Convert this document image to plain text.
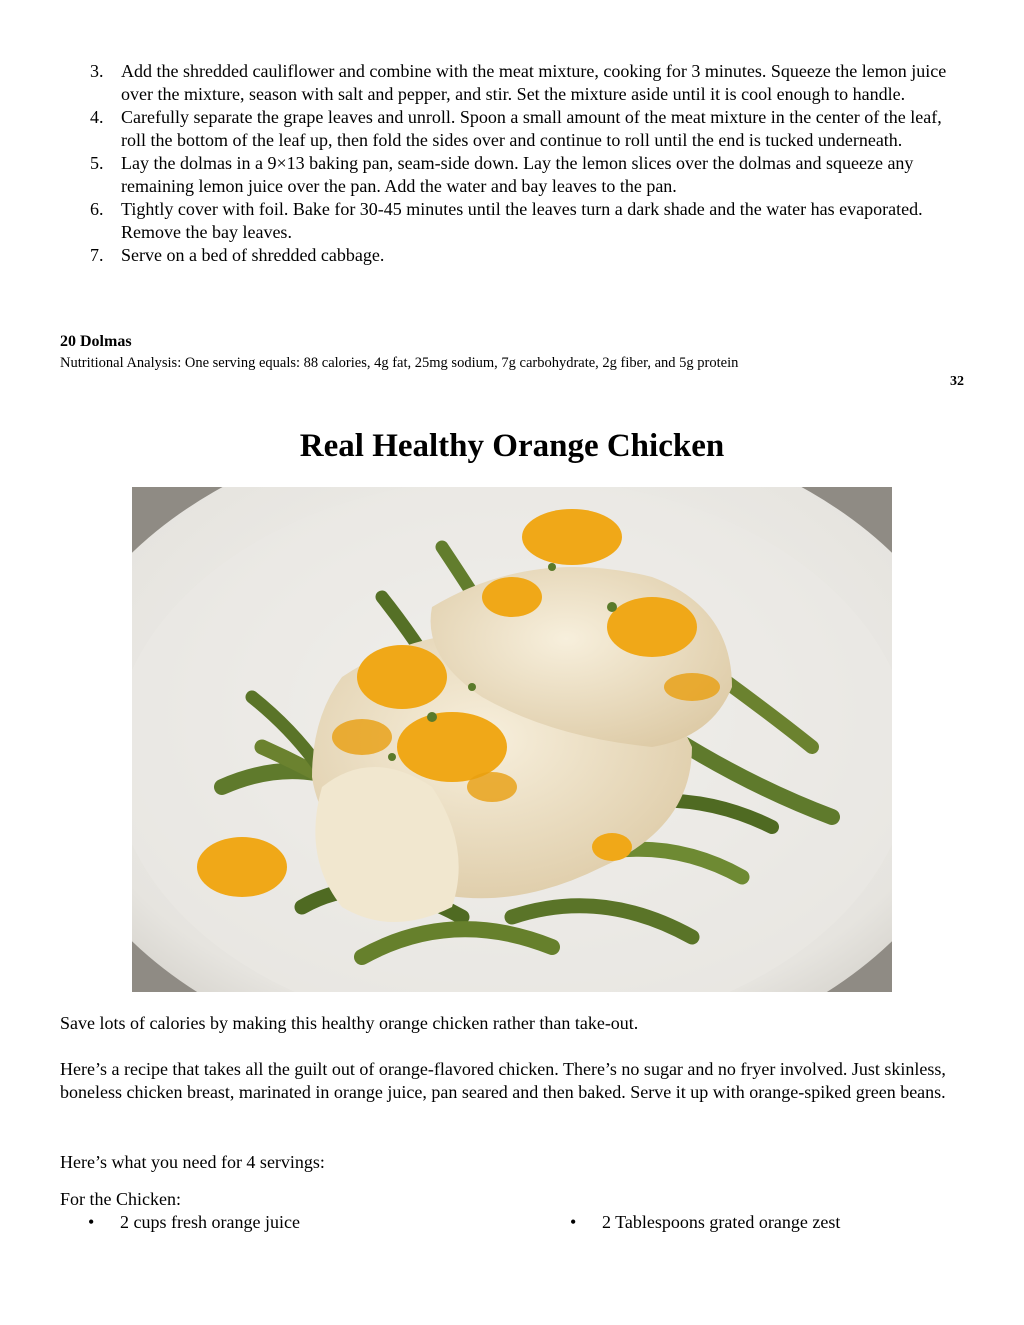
3. Add the shredded cauliflower and combine with the meat mixture, cooking for 3 minutes. Squeeze the lemon juice over the mixture, season with salt and pepper, and stir. Set the mixture aside until it is cool enough to handle.
4. Carefully separate the grape leaves and unroll. Spoon a small amount of the meat mixture in the center of the leaf, roll the bottom of the leaf up, then fold the sides over and continue to roll until the end is tucked underneath.
5. Lay the dolmas in a 9×13 baking pan, seam-side down. Lay the lemon slices over the dolmas and squeeze any remaining lemon juice over the pan. Add the water and bay leaves to the pan.
6. Tightly cover with foil. Bake for 30-45 minutes until the leaves turn a dark shade and the water has evaporated. Remove the bay leaves.
7. Serve on a bed of shredded cabbage.
20 Dolmas
Nutritional Analysis: One serving equals: 88 calories, 4g fat, 25mg sodium, 7g carbohydrate, 2g fiber, and 5g protein
32
Real Healthy Orange Chicken

Save lots of calories by making this healthy orange chicken rather than take-out.

Here’s a recipe that takes all the guilt out of orange-flavored chicken. There’s no sugar and no fryer involved. Just skinless, boneless chicken breast, marinated in orange juice, pan seared and then baked. Serve it up with orange-spiked green beans.

Here’s what you need for 4 servings:

For the Chicken:

• 2 cups fresh orange juice	• 2 Tablespoons grated orange zest
